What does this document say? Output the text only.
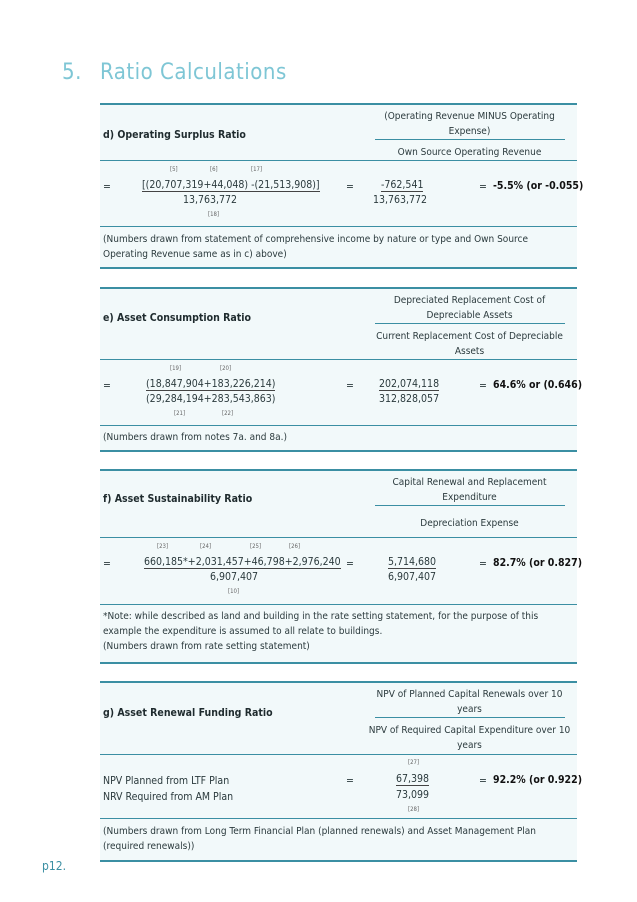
5. Ratio Calculations
d) Operating Surplus Ratio
(Operating Revenue MINUS Operating Expense)
Own Source Operating Revenue
=
[5]	[6]	[17]
[(20,707,319+44,048) -(21,513,908)]
13,763,772
[18]
=	-762,541
13,763,772
= -5.5% (or -0.055)
(Numbers drawn from statement of comprehensive income by nature or type and Own Source Operating Revenue same as in c) above)
e) Asset Consumption Ratio
Depreciated Replacement Cost of Depreciable Assets
Current Replacement Cost of Depreciable Assets
=
[19]	[20]
(18,847,904+183,226,214)
(29,284,194+283,543,863)
[21]	[22]
= 202,074,118
312,828,057
= 64.6% or (0.646)
(Numbers drawn from notes 7a. and 8a.)
f) Asset Sustainability Ratio
Capital Renewal and Replacement Expenditure
Depreciation Expense
=
[23]	[24]	[25]	[26]
660,185*+2,031,457+46,798+2,976,240
6,907,407
[10]
=	5,714,680
6,907,407
= 82.7% (or 0.827)
*Note: while described as land and building in the rate setting statement, for the purpose of this example the expenditure is assumed to all relate to buildings.
(Numbers drawn from rate setting statement)
g) Asset Renewal Funding Ratio
NPV of Planned Capital Renewals over 10 years
NPV of Required Capital Expenditure over 10 years
NPV Planned from LTF Plan
NRV Required from AM Plan
=
[27]
67,398
73,099
[28]
= 92.2% (or 0.922)
(Numbers drawn from Long Term Financial Plan (planned renewals) and Asset Management Plan (required renewals))
p12.
